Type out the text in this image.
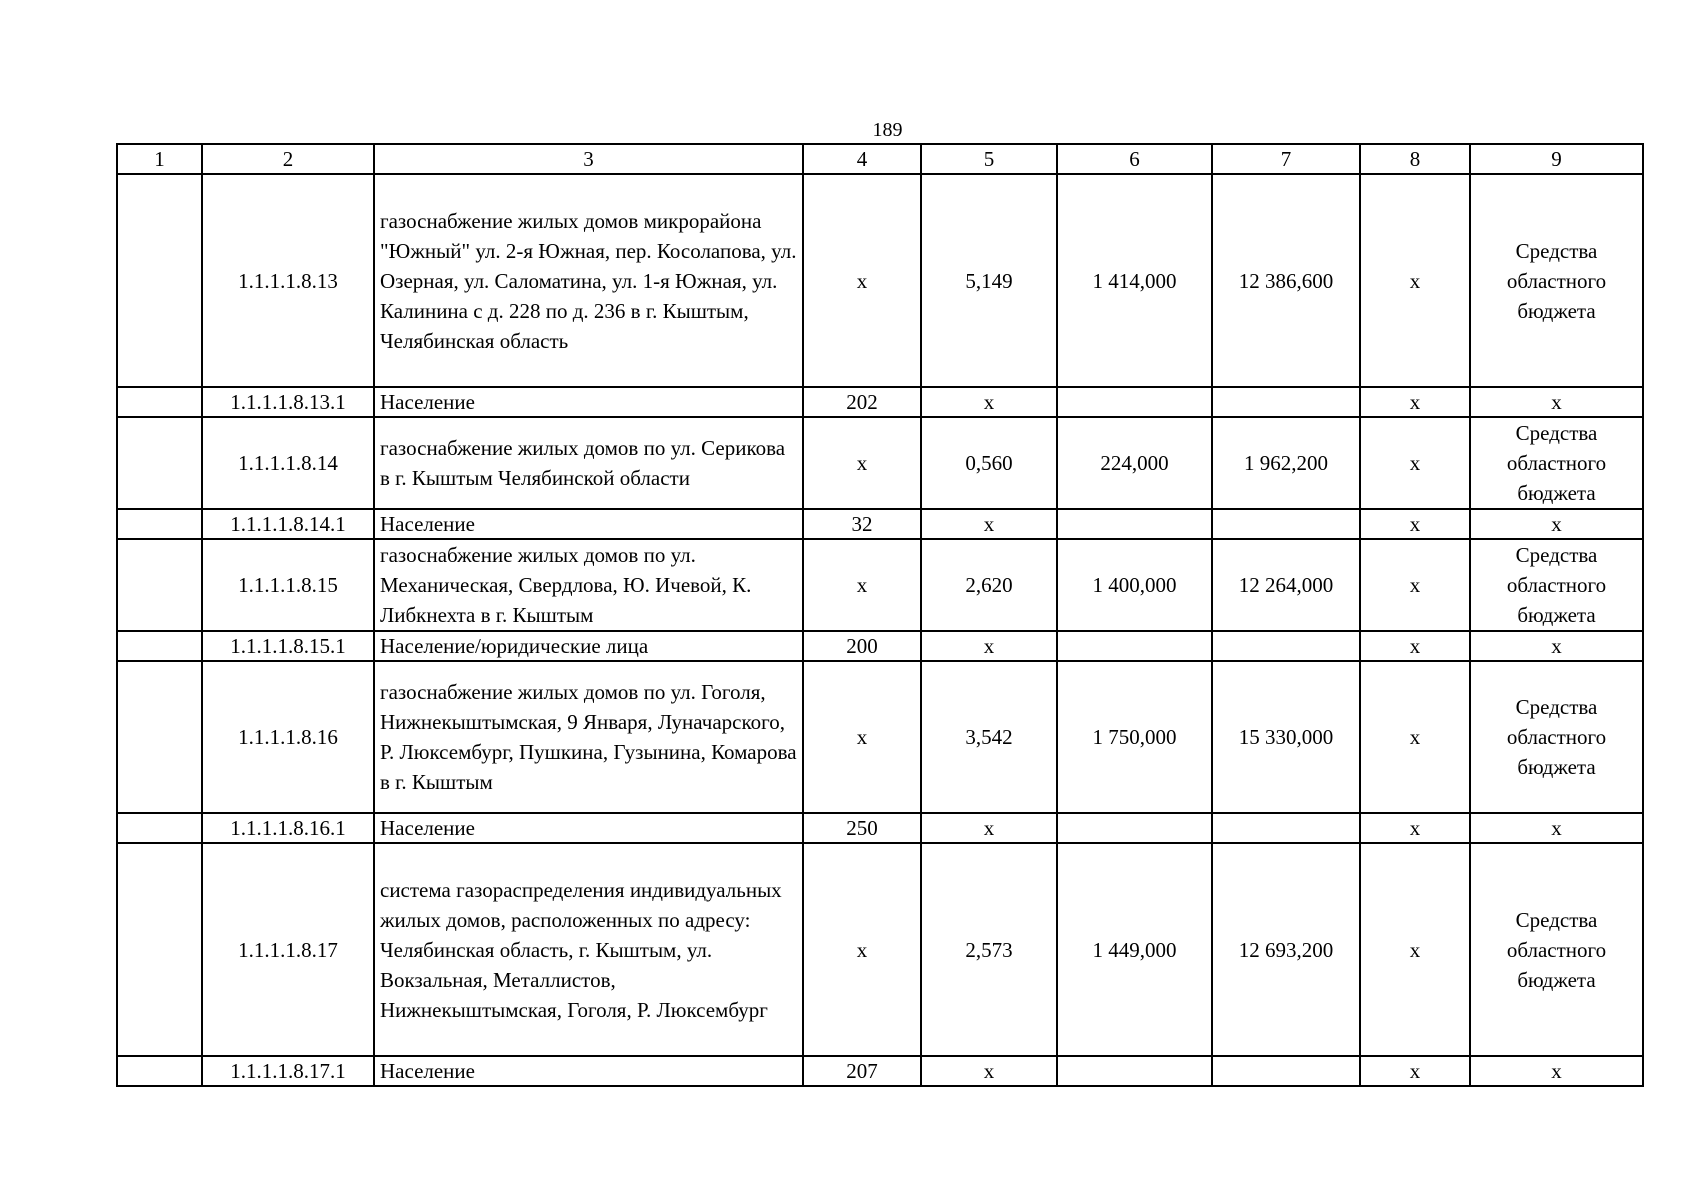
189
1	2	3	4	5	6	7	8	9
	1.1.1.1.8.13	газоснабжение жилых домов микрорайона "Южный" ул. 2-я Южная, пер. Косолапова, ул. Озерная, ул. Саломатина, ул. 1-я Южная, ул. Калинина с д. 228 по д. 236 в г. Кыштым, Челябинская область	х	5,149	1 414,000	12 386,600	х	Средства областного бюджета
	1.1.1.1.8.13.1	Население	202	х			х	х
	1.1.1.1.8.14	газоснабжение жилых домов по ул. Серикова в г. Кыштым Челябинской области	х	0,560	224,000	1 962,200	х	Средства областного бюджета
	1.1.1.1.8.14.1	Население	32	х			х	х
	1.1.1.1.8.15	газоснабжение жилых домов по ул. Механическая, Свердлова, Ю. Ичевой, К. Либкнехта в г. Кыштым	х	2,620	1 400,000	12 264,000	х	Средства областного бюджета
	1.1.1.1.8.15.1	Население/юридические лица	200	х			х	х
	1.1.1.1.8.16	газоснабжение жилых домов по ул. Гоголя, Нижнекыштымская, 9 Января, Луначарского, Р. Люксембург, Пушкина, Гузынина, Комарова в г. Кыштым	х	3,542	1 750,000	15 330,000	х	Средства областного бюджета
	1.1.1.1.8.16.1	Население	250	х			х	х
	1.1.1.1.8.17	система газораспределения индивидуальных жилых домов, расположенных по адресу: Челябинская область, г. Кыштым, ул. Вокзальная, Металлистов, Нижнекыштымская, Гоголя, Р. Люксембург	х	2,573	1 449,000	12 693,200	х	Средства областного бюджета
	1.1.1.1.8.17.1	Население	207	х			х	х
